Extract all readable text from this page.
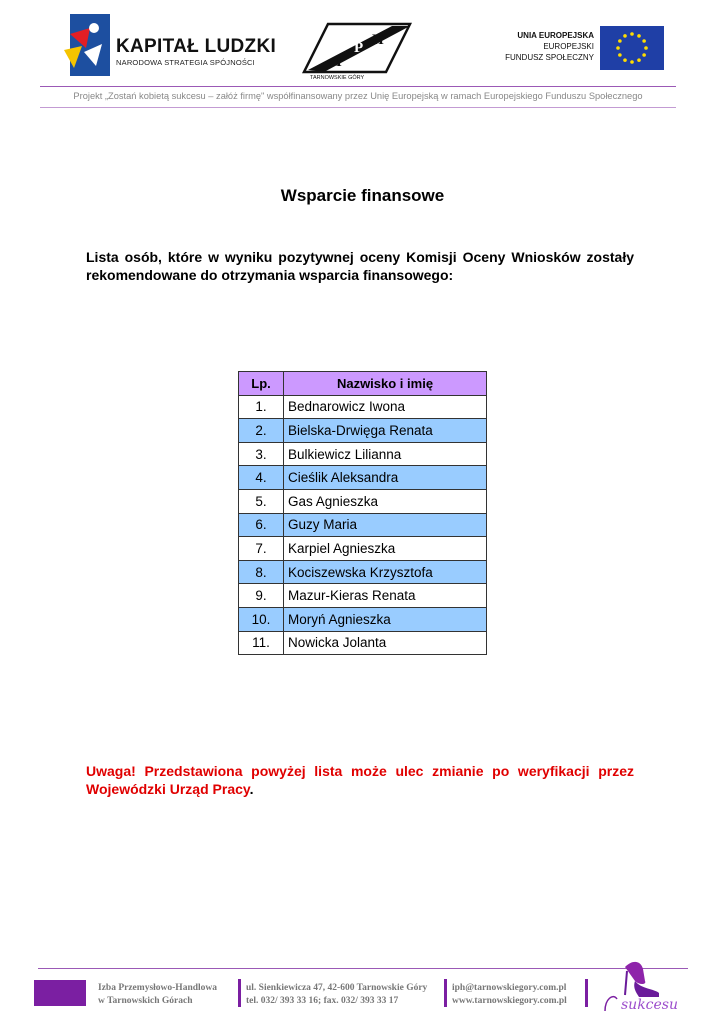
KAPITAŁ LUDZKI
NARODOWA STRATEGIA SPÓJNOŚCI	I
P H
TARNOWSKIE GÓRY
UNIA EUROPEJSKA
EUROPEJSKI
FUNDUSZ SPOŁECZNY
Projekt „Zostań kobietą sukcesu – załóż firmę" współfinansowany przez Unię Europejską w ramach Europejskiego Funduszu Społecznego
Wsparcie finansowe
Lista osób, które w wyniku pozytywnej oceny Komisji Oceny Wniosków zostały rekomendowane do otrzymania wsparcia finansowego:
Lp.	Nazwisko i imię
1.	Bednarowicz Iwona
2.	Bielska-Drwięga Renata
3.	Bulkiewicz Lilianna
4.	Cieślik Aleksandra
5.	Gas Agnieszka
6.	Guzy Maria
7.	Karpiel Agnieszka
8.	Kociszewska Krzysztofa
9.	Mazur-Kieras Renata
10.	Moryń Agnieszka
11.	Nowicka Jolanta
Uwaga! Przedstawiona powyżej lista może ulec zmianie po weryfikacji przez Wojewódzki Urząd Pracy.
Izba Przemysłowo-Handlowa
w Tarnowskich Górach
ul. Sienkiewicza 47, 42-600 Tarnowskie Góry
tel. 032/ 393 33 16; fax. 032/ 393 33 17
iph@tarnowskiegory.com.pl
www.tarnowskiegory.com.pl	sukcesu
